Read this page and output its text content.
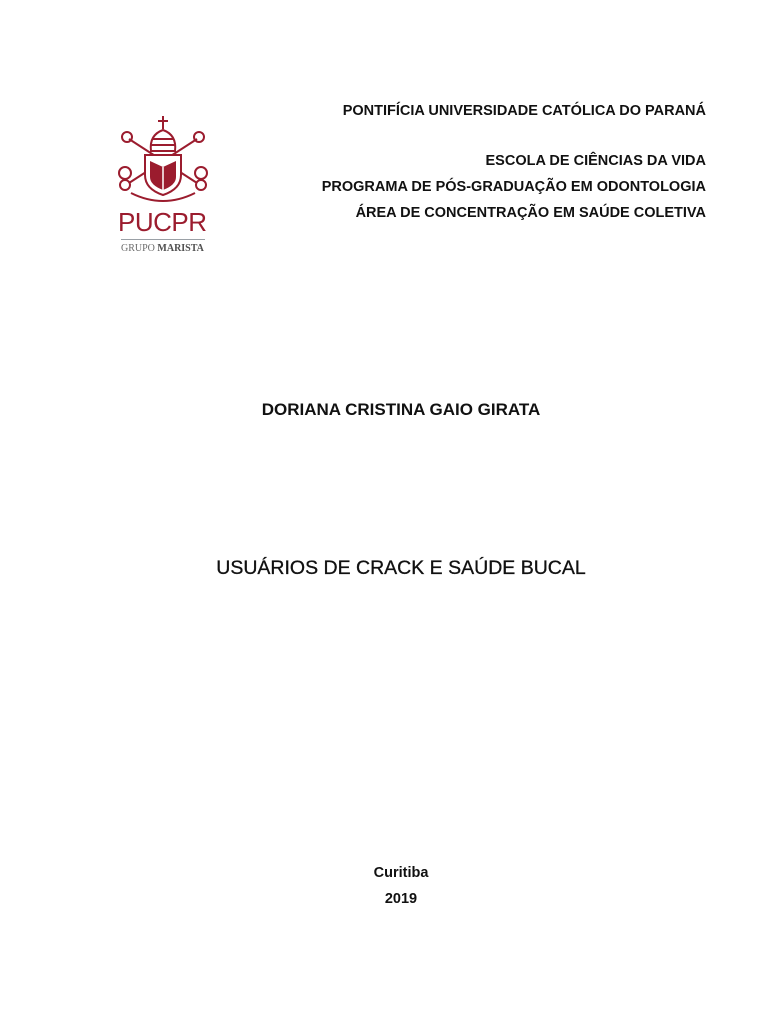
PUCPR
GRUPO MARISTA
PONTIFÍCIA UNIVERSIDADE CATÓLICA DO PARANÁ
ESCOLA DE CIÊNCIAS DA VIDA
PROGRAMA DE PÓS-GRADUAÇÃO EM ODONTOLOGIA
ÁREA DE CONCENTRAÇÃO EM SAÚDE COLETIVA
DORIANA CRISTINA GAIO GIRATA
USUÁRIOS DE CRACK E SAÚDE BUCAL
Curitiba
2019
